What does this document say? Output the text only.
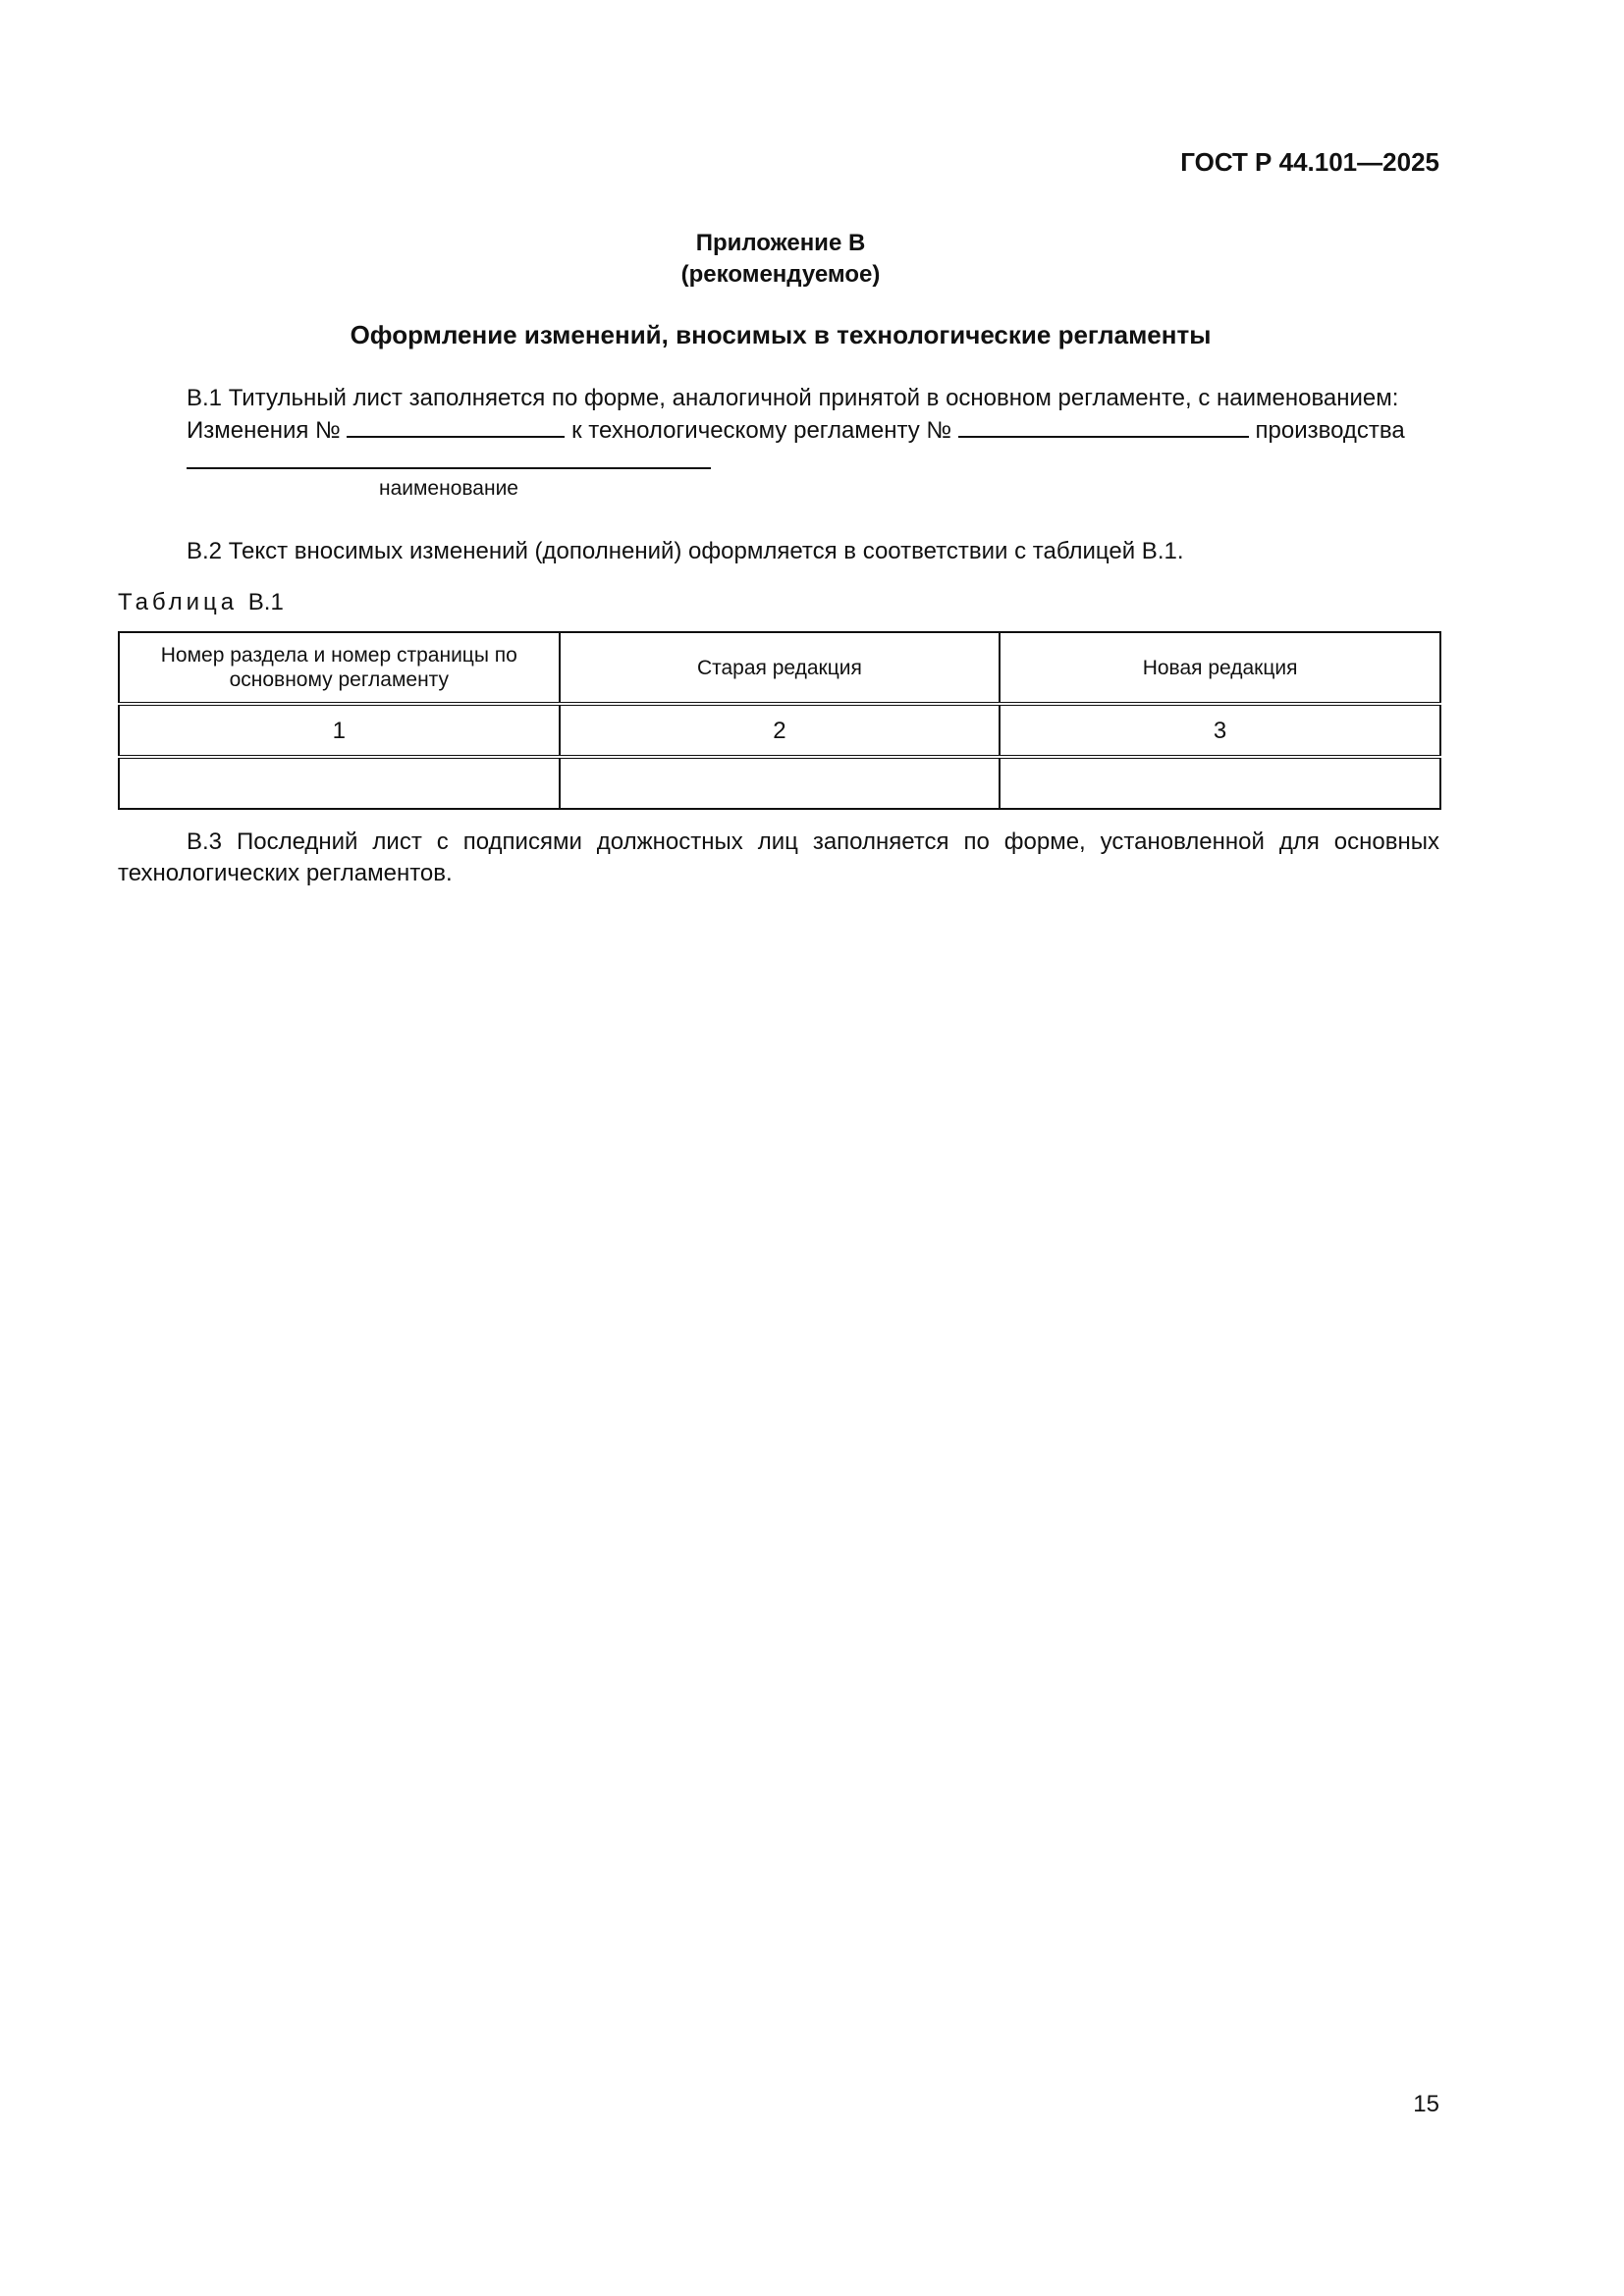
ГОСТ Р 44.101—2025
Приложение В
(рекомендуемое)
Оформление изменений, вносимых в технологические регламенты
В.1 Титульный лист заполняется по форме, аналогичной принятой в основном регламенте, с наименованием:
Изменения №	к технологическому регламенту №	производства
наименование
В.2 Текст вносимых изменений (дополнений) оформляется в соответствии с таблицей В.1.
Таблица В.1
Номер раздела и номер страницы по основному регламенту	Старая редакция	Новая редакция
1	2	3

В.3 Последний лист с подписями должностных лиц заполняется по форме, установленной для основных технологических регламентов.
15
